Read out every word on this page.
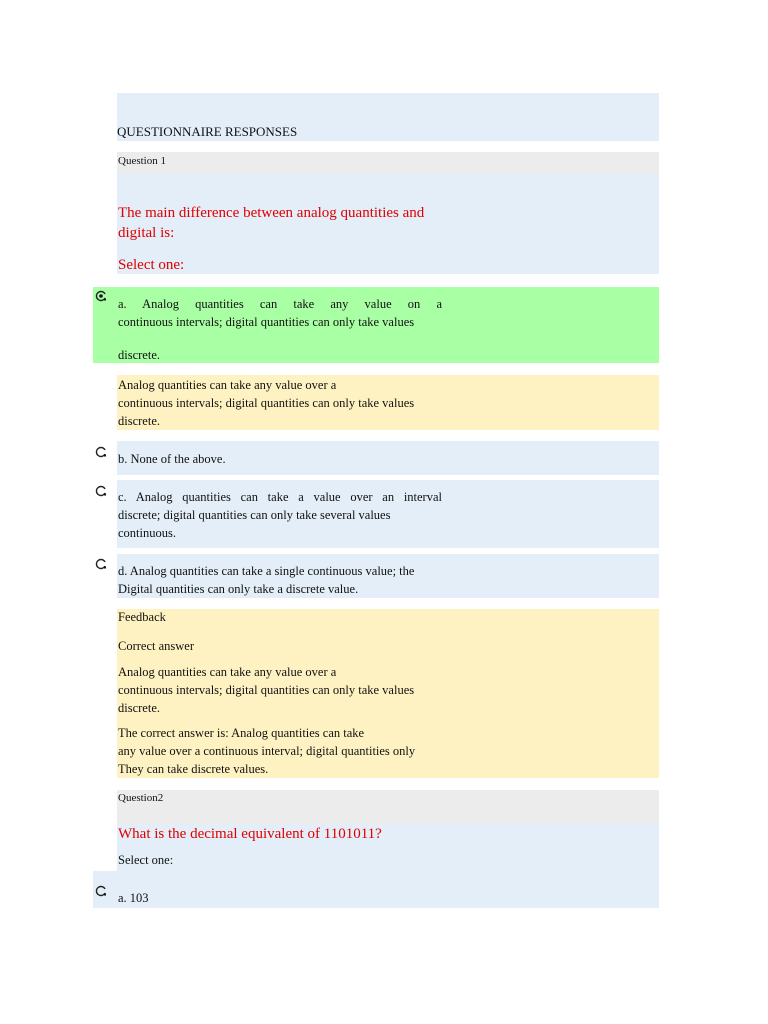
QUESTIONNAIRE RESPONSES
Question 1
The main difference between analog quantities and
digital is:
Select one:
a. Analog quantities can take any value on a
continuous intervals; digital quantities can only take values
discrete.
Analog quantities can take any value over a
continuous intervals; digital quantities can only take values
discrete.
b. None of the above.
c. Analog quantities can take a value over an interval
discrete; digital quantities can only take several values
continuous.
d. Analog quantities can take a single continuous value; the
Digital quantities can only take a discrete value.
Feedback
Correct answer
Analog quantities can take any value over a
continuous intervals; digital quantities can only take values
discrete.
The correct answer is: Analog quantities can take
any value over a continuous interval; digital quantities only
They can take discrete values.
Question2
What is the decimal equivalent of 1101011?
Select one:
a. 103
